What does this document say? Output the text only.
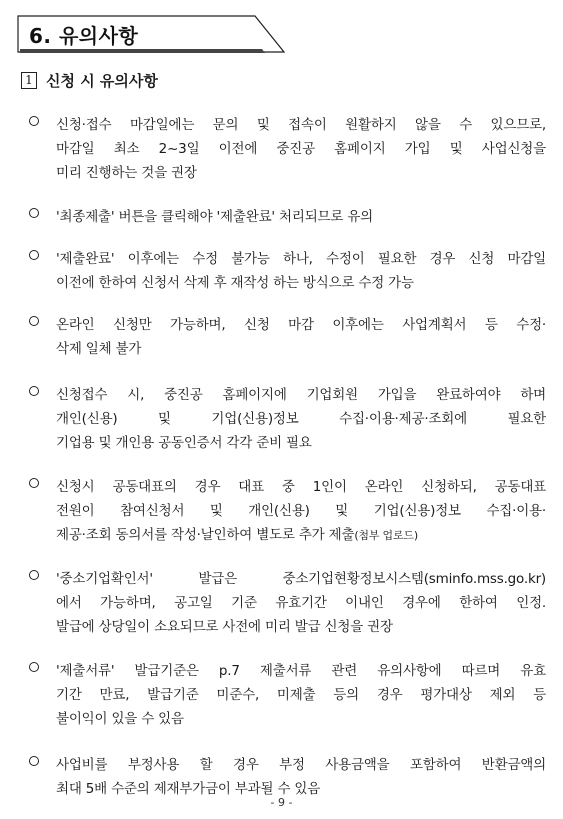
6. 유의사항
1 신청 시 유의사항
신청·접수 마감일에는 문의 및 접속이 원활하지 않을 수 있으므로,
마감일 최소 2~3일 이전에 중진공 홈페이지 가입 및 사업신청을
미리 진행하는 것을 권장
'최종제출' 버튼을 클릭해야 '제출완료' 처리되므로 유의
'제출완료' 이후에는 수정 불가능 하나, 수정이 필요한 경우 신청 마감일
이전에 한하여 신청서 삭제 후 재작성 하는 방식으로 수정 가능
온라인 신청만 가능하며, 신청 마감 이후에는 사업계획서 등 수정·
삭제 일체 불가
신청접수 시, 중진공 홈페이지에 기업회원 가입을 완료하여야 하며
개인(신용) 및 기업(신용)정보 수집·이용·제공·조회에 필요한
기업용 및 개인용 공동인증서 각각 준비 필요
신청시 공동대표의 경우 대표 중 1인이 온라인 신청하되, 공동대표
전원이 참여신청서 및 개인(신용) 및 기업(신용)정보 수집·이용·
제공·조회 동의서를 작성·날인하여 별도로 추가 제출(첨부 업로드)
'중소기업확인서' 발급은 중소기업현황정보시스템(sminfo.mss.go.kr)
에서 가능하며, 공고일 기준 유효기간 이내인 경우에 한하여 인정.
발급에 상당일이 소요되므로 사전에 미리 발급 신청을 권장
'제출서류' 발급기준은 p.7 제출서류 관련 유의사항에 따르며 유효
기간 만료, 발급기준 미준수, 미제출 등의 경우 평가대상 제외 등
불이익이 있을 수 있음
사업비를 부정사용 할 경우 부정 사용금액을 포함하여 반환금액의
최대 5배 수준의 제재부가금이 부과될 수 있음
- 9 -
